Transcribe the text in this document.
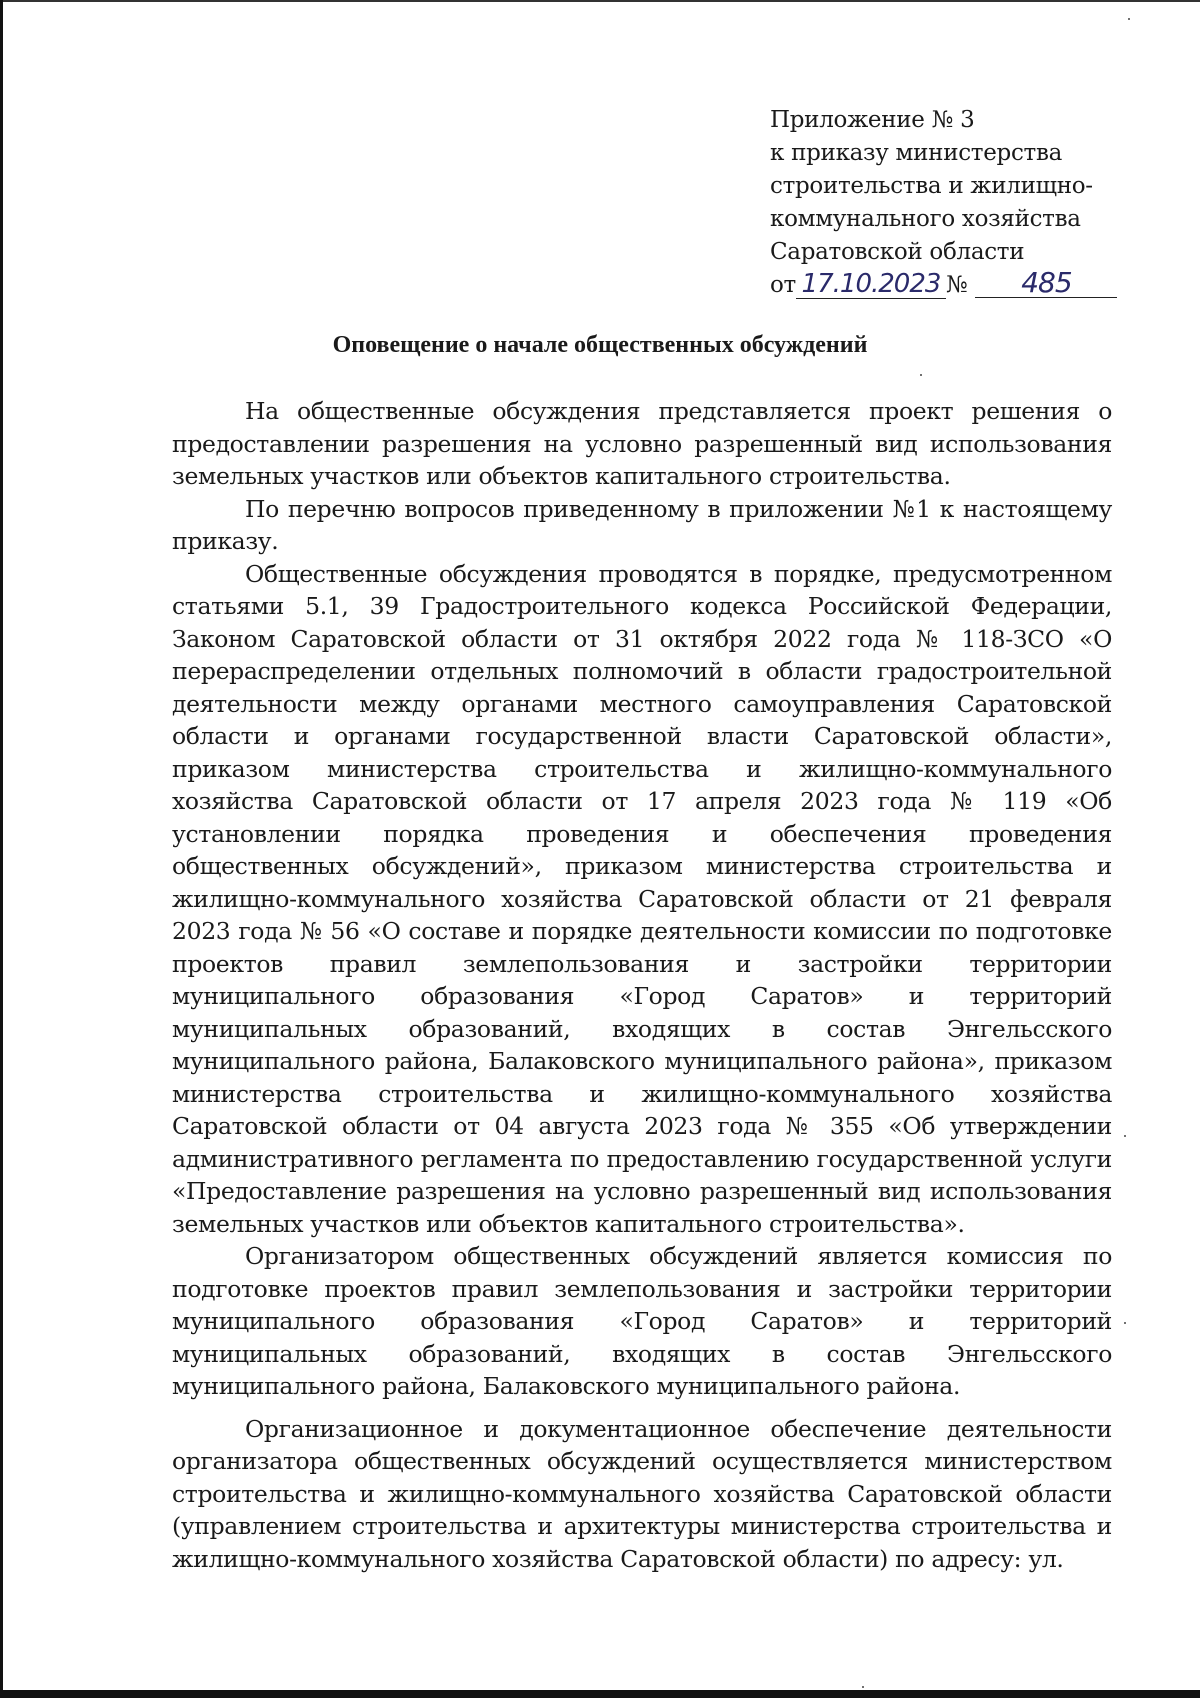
Приложение № 3
к приказу министерства
строительства и жилищно-
коммунального хозяйства
Саратовской области
от 17.10.2023 № 485
Оповещение о начале общественных обсуждений

На общественные обсуждения представляется проект решения о предоставлении разрешения на условно разрешенный вид использования земельных участков или объектов капитального строительства.

По перечню вопросов приведенному в приложении №1 к настоящему приказу.

Общественные обсуждения проводятся в порядке, предусмотренном статьями 5.1, 39 Градостроительного кодекса Российской Федерации, Законом Саратовской области от 31 октября 2022 года № 118-ЗСО «О перераспределении отдельных полномочий в области градостроительной деятельности между органами местного самоуправления Саратовской области и органами государственной власти Саратовской области», приказом министерства строительства и жилищно-коммунального хозяйства Саратовской области от 17 апреля 2023 года № 119 «Об установлении порядка проведения и обеспечения проведения общественных обсуждений», приказом министерства строительства и жилищно-коммунального хозяйства Саратовской области от 21 февраля 2023 года № 56 «О составе и порядке деятельности комиссии по подготовке проектов правил землепользования и застройки территории муниципального образования «Город Саратов» и территорий муниципальных образований, входящих в состав Энгельсского муниципального района, Балаковского муниципального района», приказом министерства строительства и жилищно-коммунального хозяйства Саратовской области от 04 августа 2023 года № 355 «Об утверждении административного регламента по предоставлению государственной услуги «Предоставление разрешения на условно разрешенный вид использования земельных участков или объектов капитального строительства».

Организатором общественных обсуждений является комиссия по подготовке проектов правил землепользования и застройки территории муниципального образования «Город Саратов» и территорий муниципальных образований, входящих в состав Энгельсского муниципального района, Балаковского муниципального района.

Организационное и документационное обеспечение деятельности организатора общественных обсуждений осуществляется министерством строительства и жилищно-коммунального хозяйства Саратовской области (управлением строительства и архитектуры министерства строительства и жилищно-коммунального хозяйства Саратовской области) по адресу: ул.
